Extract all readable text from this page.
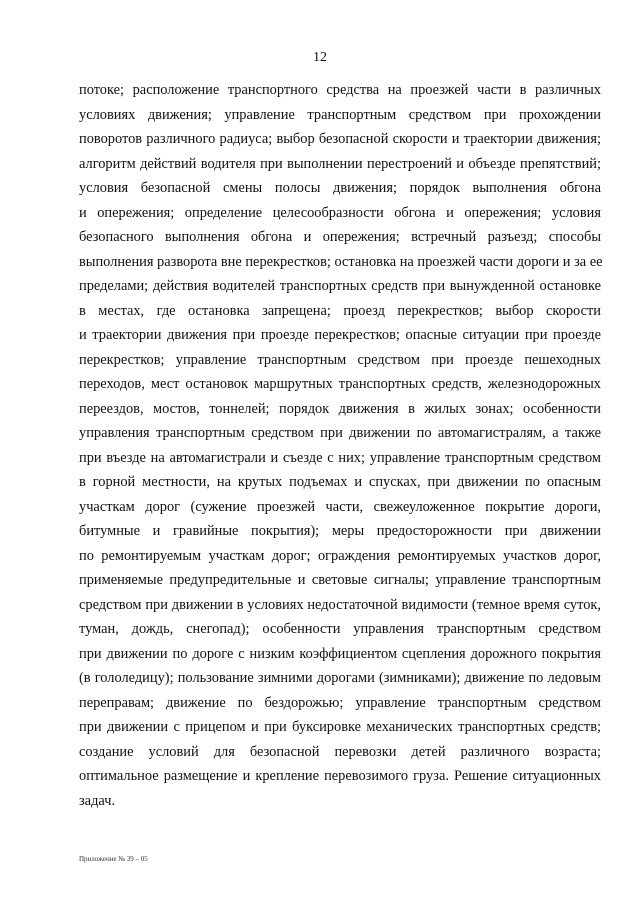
12
потоке; расположение транспортного средства на проезжей части в различных
условиях движения; управление транспортным средством при прохождении
поворотов различного радиуса; выбор безопасной скорости и траектории движения;
алгоритм действий водителя при выполнении перестроений и объезде препятствий;
условия безопасной смены полосы движения; порядок выполнения обгона
и опережения; определение целесообразности обгона и опережения; условия
безопасного выполнения обгона и опережения; встречный разъезд; способы
выполнения разворота вне перекрестков; остановка на проезжей части дороги и за ее
пределами; действия водителей транспортных средств при вынужденной остановке
в местах, где остановка запрещена; проезд перекрестков; выбор скорости
и траектории движения при проезде перекрестков; опасные ситуации при проезде
перекрестков; управление транспортным средством при проезде пешеходных
переходов, мест остановок маршрутных транспортных средств, железнодорожных
переездов, мостов, тоннелей; порядок движения в жилых зонах; особенности
управления транспортным средством при движении по автомагистралям, а также
при въезде на автомагистрали и съезде с них; управление транспортным средством
в горной местности, на крутых подъемах и спусках, при движении по опасным
участкам дорог (сужение проезжей части, свежеуложенное покрытие дороги,
битумные и гравийные покрытия); меры предосторожности при движении
по ремонтируемым участкам дорог; ограждения ремонтируемых участков дорог,
применяемые предупредительные и световые сигналы; управление транспортным
средством при движении в условиях недостаточной видимости (темное время суток,
туман, дождь, снегопад); особенности управления транспортным средством
при движении по дороге с низким коэффициентом сцепления дорожного покрытия
(в гололедицу); пользование зимними дорогами (зимниками); движение по ледовым
переправам; движение по бездорожью; управление транспортным средством
при движении с прицепом и при буксировке механических транспортных средств;
создание условий для безопасной перевозки детей различного возраста;
оптимальное размещение и крепление перевозимого груза. Решение ситуационных
задач.
Приложение № 39 – 05
